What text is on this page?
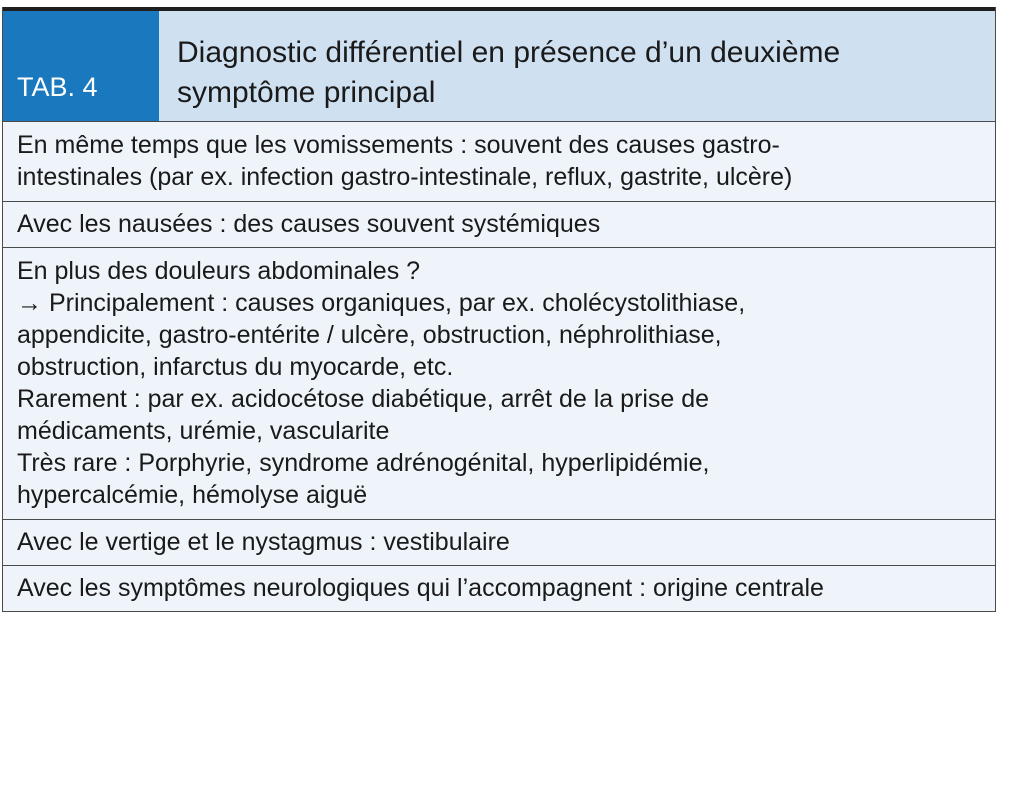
TAB. 4
Diagnostic différentiel en présence d’un deuxième
symptôme principal
En même temps que les vomissements : souvent des causes gastro-
intestinales (par ex. infection gastro-intestinale, reflux, gastrite, ulcère)
Avec les nausées : des causes souvent systémiques
En plus des douleurs abdominales ?
→ Principalement : causes organiques, par ex. cholécystolithiase,
appendicite, gastro-entérite / ulcère, obstruction, néphrolithiase,
obstruction, infarctus du myocarde, etc.
Rarement : par ex. acidocétose diabétique, arrêt de la prise de
médicaments, urémie, vascularite
Très rare : Porphyrie, syndrome adrénogénital, hyperlipidémie,
hypercalcémie, hémolyse aiguë
Avec le vertige et le nystagmus : vestibulaire
Avec les symptômes neurologiques qui l’accompagnent : origine centrale
